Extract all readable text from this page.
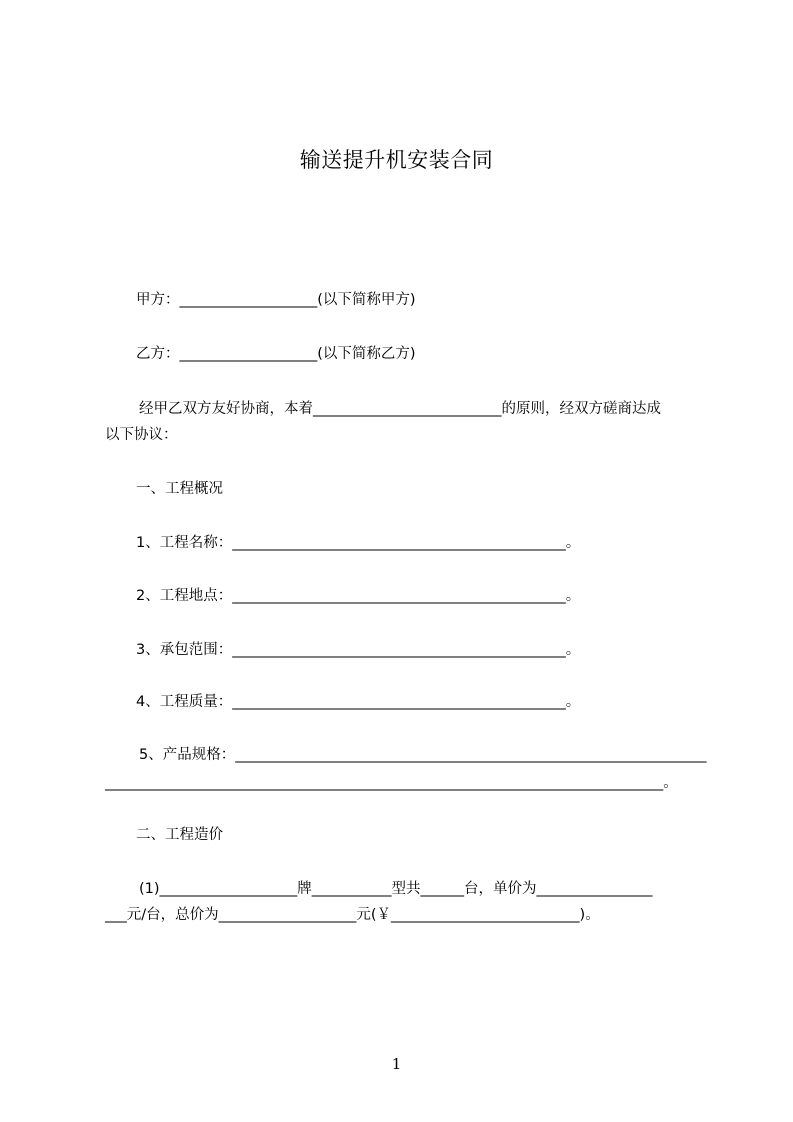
输送提升机安装合同
甲方：___________________(以下简称甲方)
乙方：___________________(以下简称乙方)
经甲乙双方友好协商，本着__________________________的原则，经双方磋商达成
以下协议：
一、工程概况
1、工程名称：______________________________________________。
2、工程地点：______________________________________________。
3、承包范围：______________________________________________。
4、工程质量：______________________________________________。
5、产品规格：_________________________________________________________________
_____________________________________________________________________________。
二、工程造价
(1)___________________牌___________型共______台，单价为________________
___元/台，总价为___________________元(￥__________________________)。
1
